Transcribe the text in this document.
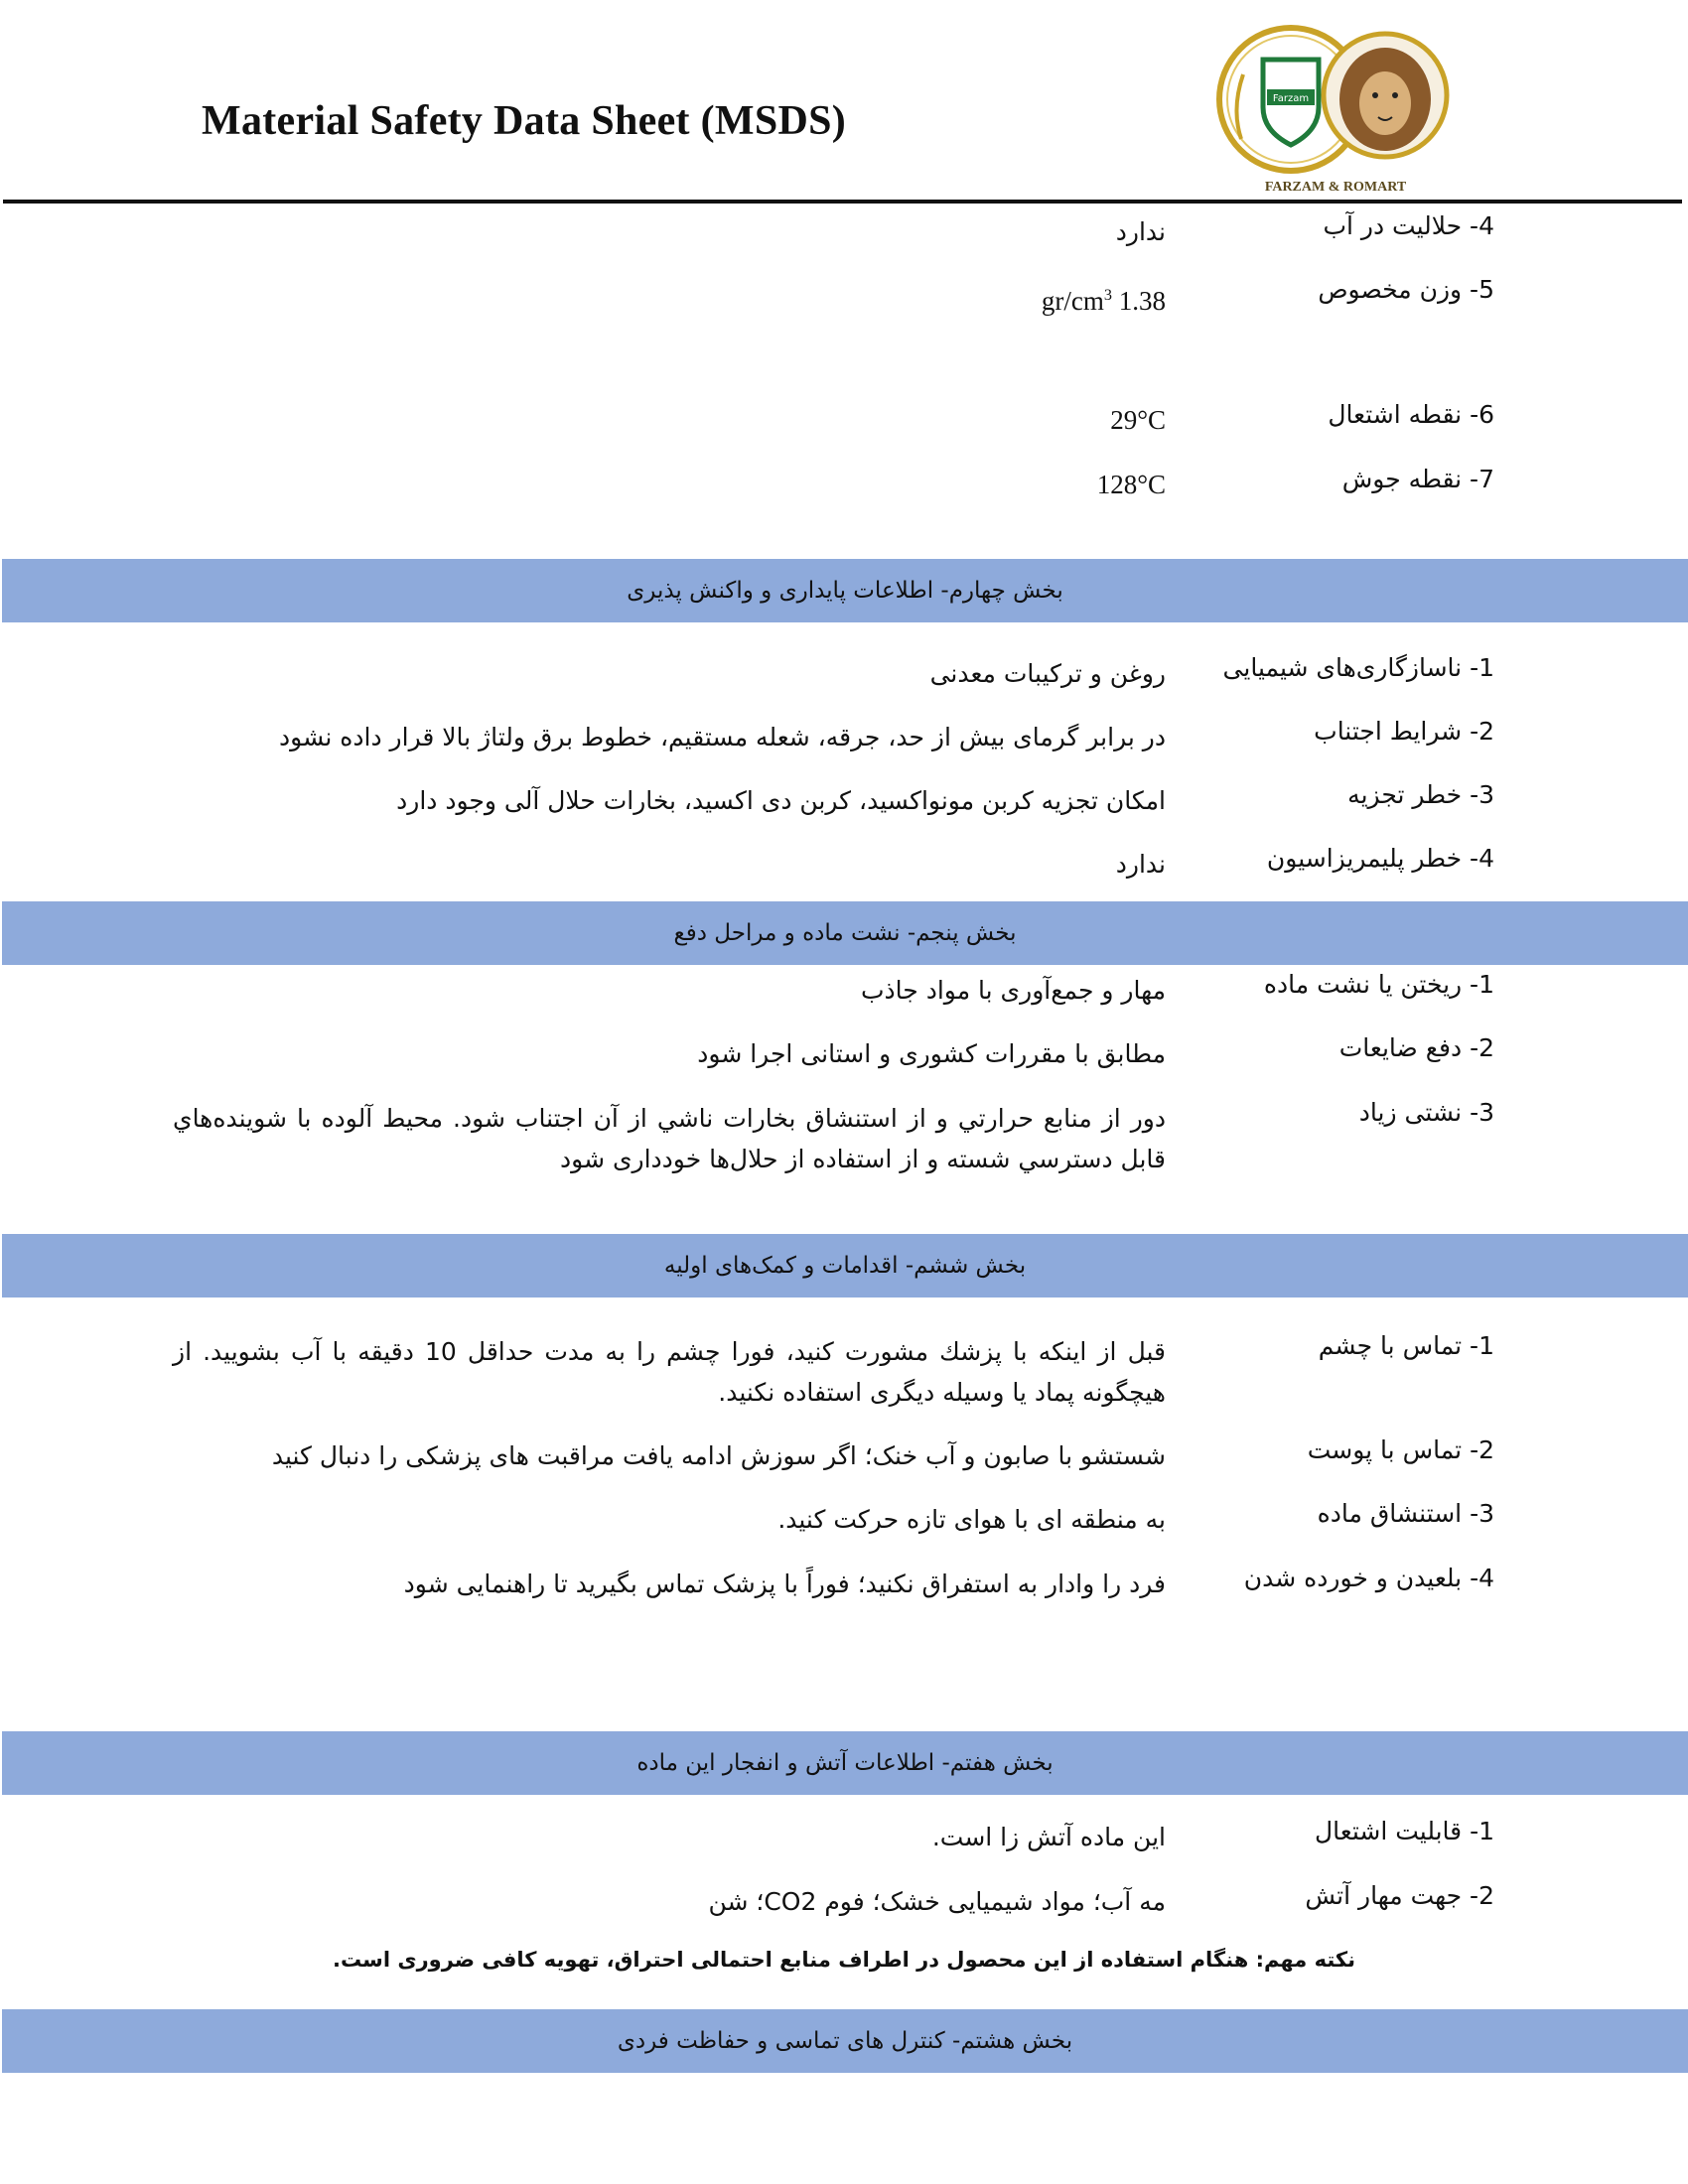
Material Safety Data Sheet (MSDS)	Farzam
FARZAM & ROMART
4- حلالیت در آب
ندارد
5- وزن مخصوص
1.38 $gr/cm^3$
6- نقطه اشتعال
29°C
7- نقطه جوش
128°C
بخش چهارم- اطلاعات پایداری و واکنش پذیری
1- ناسازگاری‌های شیمیایی
روغن و ترکیبات معدنی
2- شرایط اجتناب
در برابر گرمای بیش از حد، جرقه، شعله مستقیم، خطوط برق ولتاژ بالا قرار داده نشود
3- خطر تجزیه
امکان تجزیه کربن مونواکسید، کربن دی اکسید، بخارات حلال آلی وجود دارد
4- خطر پلیمریزاسیون
ندارد
بخش پنجم- نشت ماده و مراحل دفع
1- ریختن یا نشت ماده
مهار و جمع‌آوری با مواد جاذب
2- دفع ضایعات
مطابق با مقررات کشوری و استانی اجرا شود
3- نشتی زیاد
دور از منابع حرارتي و از استنشاق بخارات ناشي از آن اجتناب شود. محيط آلوده با شوينده‌هاي قابل دسترسي شسته و از استفاده از حلال‌ها خودداری شود
بخش ششم- اقدامات و کمک‌های اولیه
1- تماس با چشم
قبل از اینکه با پزشك مشورت کنید، فورا چشم را به مدت حداقل 10 دقیقه با آب بشویید. از هیچگونه پماد یا وسیله دیگری استفاده نکنید.
2- تماس با پوست
شستشو با صابون و آب خنک؛ اگر سوزش ادامه یافت مراقبت های پزشکی را دنبال کنید
3- استنشاق ماده
به منطقه ای با هوای تازه حرکت کنید.
4- بلعیدن و خورده شدن
فرد را وادار به استفراق نکنید؛ فوراً با پزشک تماس بگیرید تا راهنمایی شود
بخش هفتم- اطلاعات آتش و انفجار این ماده
1- قابلیت اشتعال
این ماده آتش زا است.
2- جهت مهار آتش
مه آب؛ مواد شیمیایی خشک؛ فوم CO2؛ شن
نکته مهم: هنگام استفاده از این محصول در اطراف منابع احتمالی احتراق، تهویه کافی ضروری است.
بخش هشتم- کنترل های تماسی و حفاظت فردی
